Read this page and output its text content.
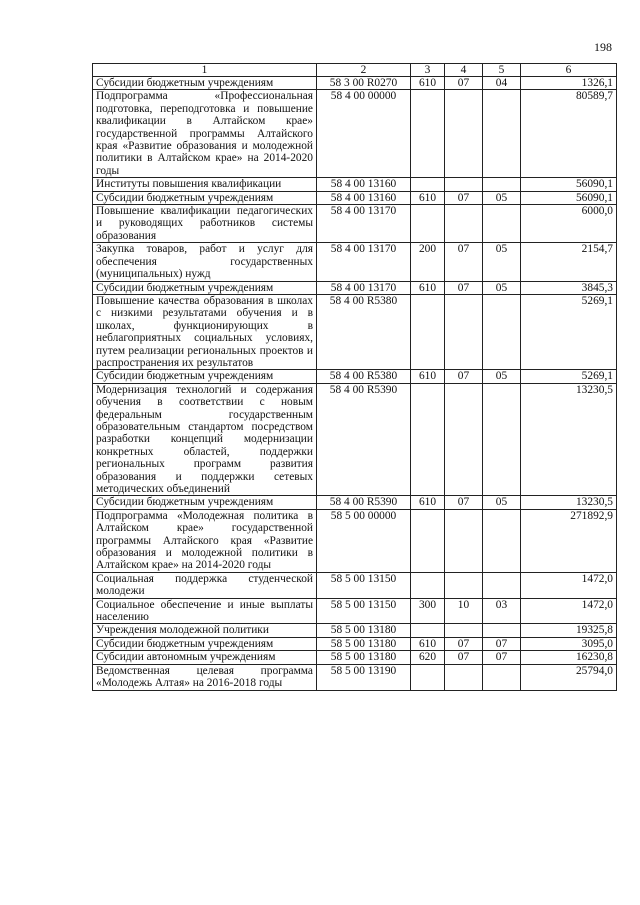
198
1	2	3	4	5	6
Субсидии бюджетным учреждениям	58 3 00 R0270	610	07	04	1326,1
Подпрограмма «Профессиональная подготовка, переподготовка и повышение квалификации в Алтайском крае» государственной программы Алтайского края «Развитие образования и молодежной политики в Алтайском крае» на 2014-2020 годы	58 4 00 00000				80589,7
Институты повышения квалификации	58 4 00 13160				56090,1
Субсидии бюджетным учреждениям	58 4 00 13160	610	07	05	56090,1
Повышение квалификации педагогических и руководящих работников системы образования	58 4 00 13170				6000,0
Закупка товаров, работ и услуг для обеспечения государственных (муниципальных) нужд	58 4 00 13170	200	07	05	2154,7
Субсидии бюджетным учреждениям	58 4 00 13170	610	07	05	3845,3
Повышение качества образования в школах с низкими результатами обучения и в школах, функционирующих в неблагоприятных социальных условиях, путем реализации региональных проектов и распространения их результатов	58 4 00 R5380				5269,1
Субсидии бюджетным учреждениям	58 4 00 R5380	610	07	05	5269,1
Модернизация технологий и содержания обучения в соответствии с новым федеральным государственным образовательным стандартом посредством разработки концепций модернизации конкретных областей, поддержки региональных программ развития образования и поддержки сетевых методических объединений	58 4 00 R5390				13230,5
Субсидии бюджетным учреждениям	58 4 00 R5390	610	07	05	13230,5
Подпрограмма «Молодежная политика в Алтайском крае» государственной программы Алтайского края «Развитие образования и молодежной политики в Алтайском крае» на 2014-2020 годы	58 5 00 00000				271892,9
Социальная поддержка студенческой молодежи	58 5 00 13150				1472,0
Социальное обеспечение и иные выплаты населению	58 5 00 13150	300	10	03	1472,0
Учреждения молодежной политики	58 5 00 13180				19325,8
Субсидии бюджетным учреждениям	58 5 00 13180	610	07	07	3095,0
Субсидии автономным учреждениям	58 5 00 13180	620	07	07	16230,8
Ведомственная целевая программа «Молодежь Алтая» на 2016-2018 годы	58 5 00 13190				25794,0
